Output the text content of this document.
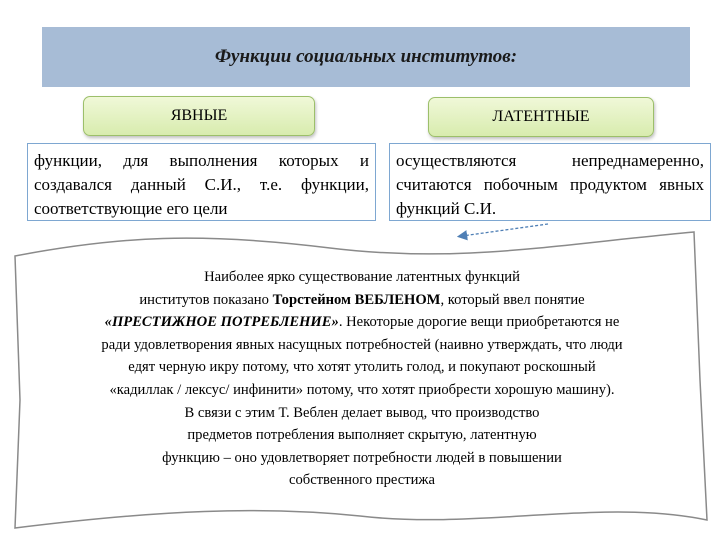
Функции социальных институтов:
ЯВНЫЕ	ЛАТЕНТНЫЕ
функции, для выполнения которых и создавался данный С.И., т.е. функции, соответствующие его цели
осуществляются непреднамеренно, считаются побочным продуктом явных функций С.И.

Наиболее ярко существование латентных функций

институтов показано Торстейном ВЕБЛЕНОМ, который ввел понятие

«ПРЕСТИЖНОЕ ПОТРЕБЛЕНИЕ». Некоторые дорогие вещи приобретаются не

ради удовлетворения явных насущных потребностей (наивно утверждать, что люди

едят черную икру потому, что хотят утолить голод, и покупают роскошный

«кадиллак / лексус/ инфинити» потому, что хотят приобрести хорошую машину).

В связи с этим Т. Веблен делает вывод, что производство

предметов потребления выполняет скрытую, латентную

функцию – оно удовлетворяет потребности людей в повышении

собственного престижа
